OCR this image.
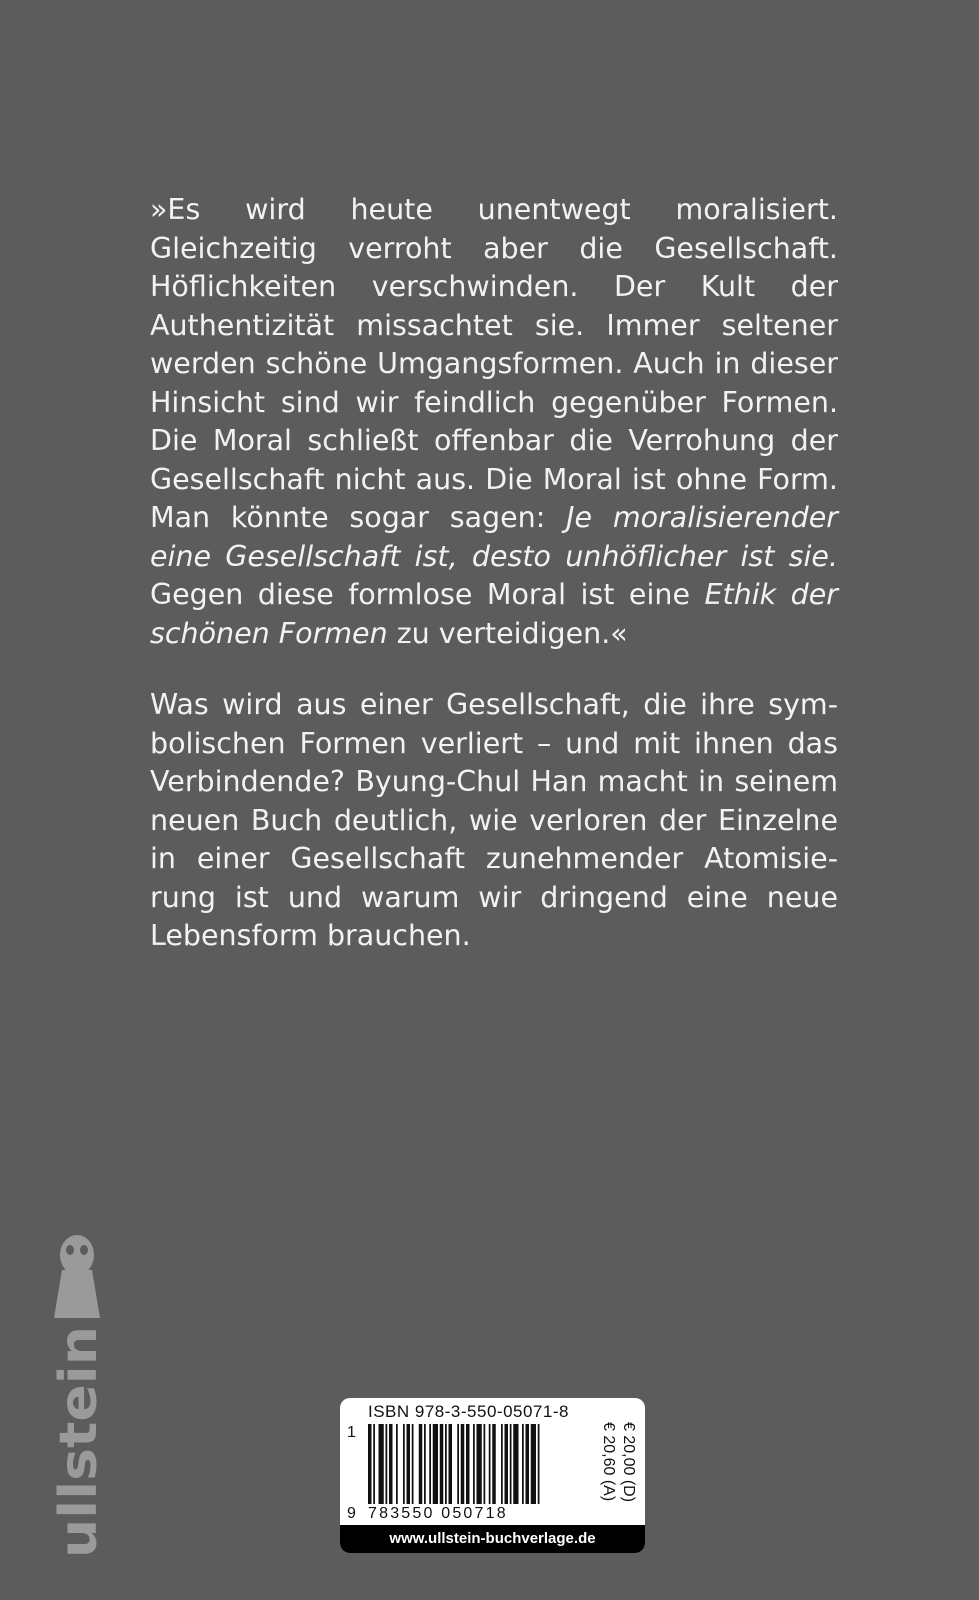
»Es wird heute unentwegt moralisiert. Gleichzeitig verroht aber die Gesellschaft. Höflichkeiten verschwinden. Der Kult der Authentizität missachtet sie. Immer seltener werden schöne Umgangsformen. Auch in dieser Hinsicht sind wir feindlich gegenüber Formen. Die Moral schließt offenbar die Verrohung der Gesellschaft nicht aus. Die Moral ist ohne Form. Man könnte sogar sagen: Je moralisierender eine Gesellschaft ist, desto unhöflicher ist sie. Gegen diese formlose Moral ist eine Ethik der schönen Formen zu verteidigen.«
Was wird aus einer Gesellschaft, die ihre symbolischen Formen verliert – und mit ihnen das Verbindende? Byung-Chul Han macht in seinem neuen Buch deutlich, wie verloren der Einzelne in einer Gesellschaft zunehmender Atomisierung ist und warum wir dringend eine neue Lebensform brauchen.
ullstein	ISBN 978-3-550-05071-8
1
9 783550 050718
€ 20,00 (D)
€ 20,60 (A)
www.ullstein-buchverlage.de
